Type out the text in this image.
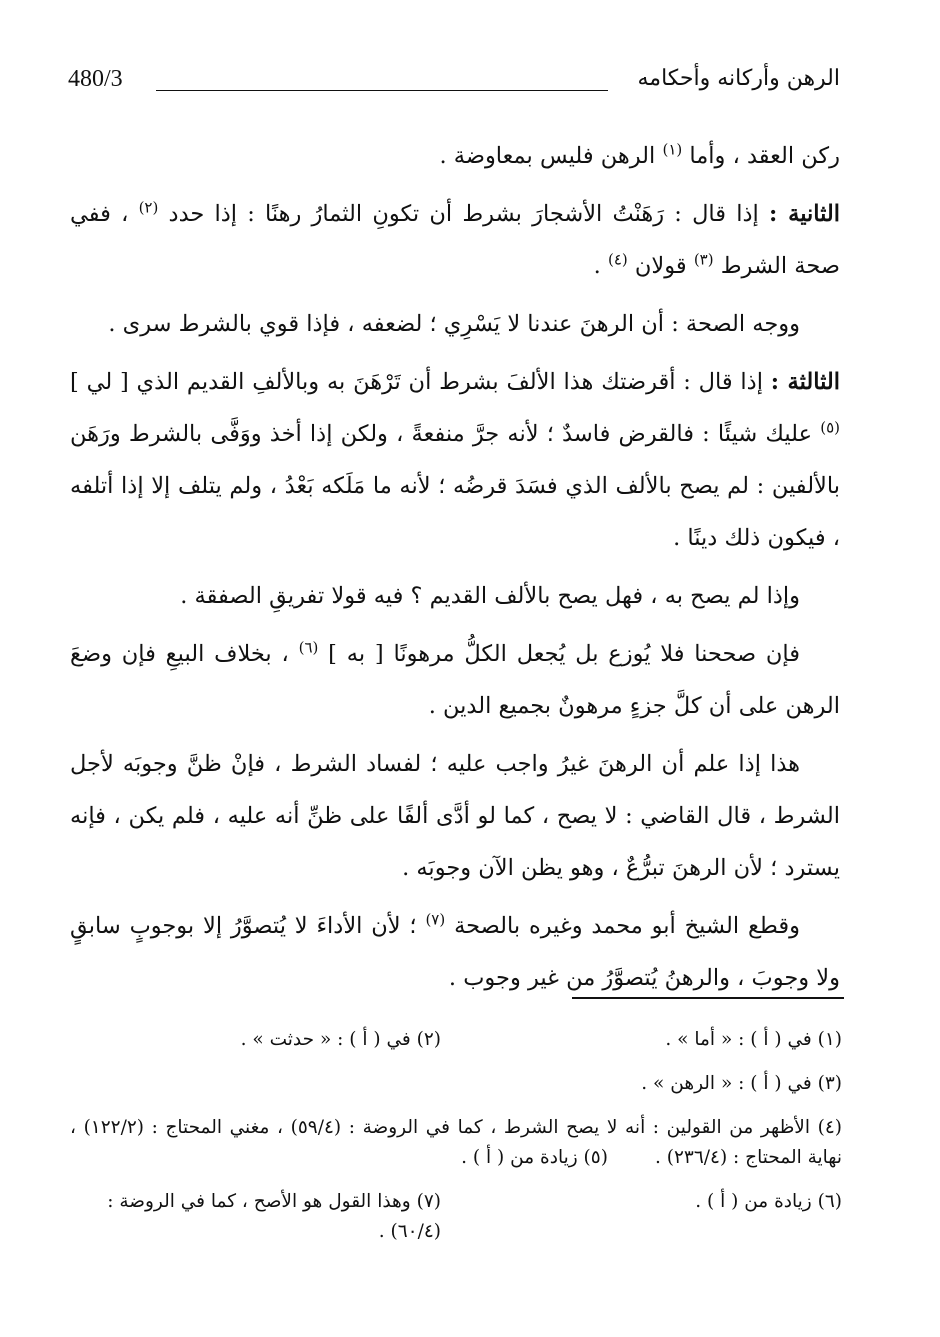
480/3	الرهن وأركانه وأحكامه

ركن العقد ، وأما $^{(١)}$ الرهن فليس بمعاوضة .

الثانية : إذا قال : رَهَنْتُ الأشجارَ بشرط أن تكونِ الثمارُ رهنًا : إذا حدد $^{(٢)}$ ، ففي صحة الشرط $^{(٣)}$ قولان $^{(٤)}$ .

ووجه الصحة : أن الرهنَ عندنا لا يَسْرِي ؛ لضعفه ، فإذا قوي بالشرط سرى .

الثالثة : إذا قال : أقرضتك هذا الألفَ بشرط أن تَرْهَنَ به وبالألفِ القديم الذي [ لي ] $^{(٥)}$ عليك شيئًا : فالقرض فاسدٌ ؛ لأنه جرَّ منفعةً ، ولكن إذا أخذ ووَفَّى بالشرط ورَهَن بالألفين : لم يصح بالألف الذي فسَدَ قرضُه ؛ لأنه ما مَلَكه بَعْدُ ، ولم يتلف إلا إذا أتلفه ، فيكون ذلك دينًا .

وإذا لم يصح به ، فهل يصح بالألف القديم ؟ فيه قولا تفريقِ الصفقة .

فإن صححنا فلا يُوزع بل يُجعل الكلُّ مرهونًا [ به ] $^{(٦)}$ ، بخلاف البيعِ فإن وضعَ الرهن على أن كلَّ جزءٍ مرهونٌ بجميع الدين .

هذا إذا علم أن الرهنَ غيرُ واجب عليه ؛ لفساد الشرط ، فإنْ ظنَّ وجوبَه لأجل الشرط ، قال القاضي : لا يصح ، كما لو أدَّى ألفًا على ظنِّ أنه عليه ، فلم يكن ، فإنه يسترد ؛ لأن الرهنَ تبرُّعٌ ، وهو يظن الآن وجوبَه .

وقطع الشيخ أبو محمد وغيره بالصحة $^{(٧)}$ ؛ لأن الأداءَ لا يُتصوَّرُ إلا بوجوبٍ سابقٍ ولا وجوبَ ، والرهنُ يُتصوَّرُ من غير وجوب .

(١) في ( أ ) : « أما » .
(٢) في ( أ ) : « حدثت » .
(٣) في ( أ ) : « الرهن » .
(٤) الأظهر من القولين : أنه لا يصح الشرط ، كما في الروضة : (٥٩/٤) ، مغني المحتاج : (١٢٢/٢) ، نهاية المحتاج : (٢٣٦/٤) .        (٥) زيادة من ( أ ) .
(٦) زيادة من ( أ ) .
(٧) وهذا القول هو الأصح ، كما في الروضة : (٦٠/٤) .
